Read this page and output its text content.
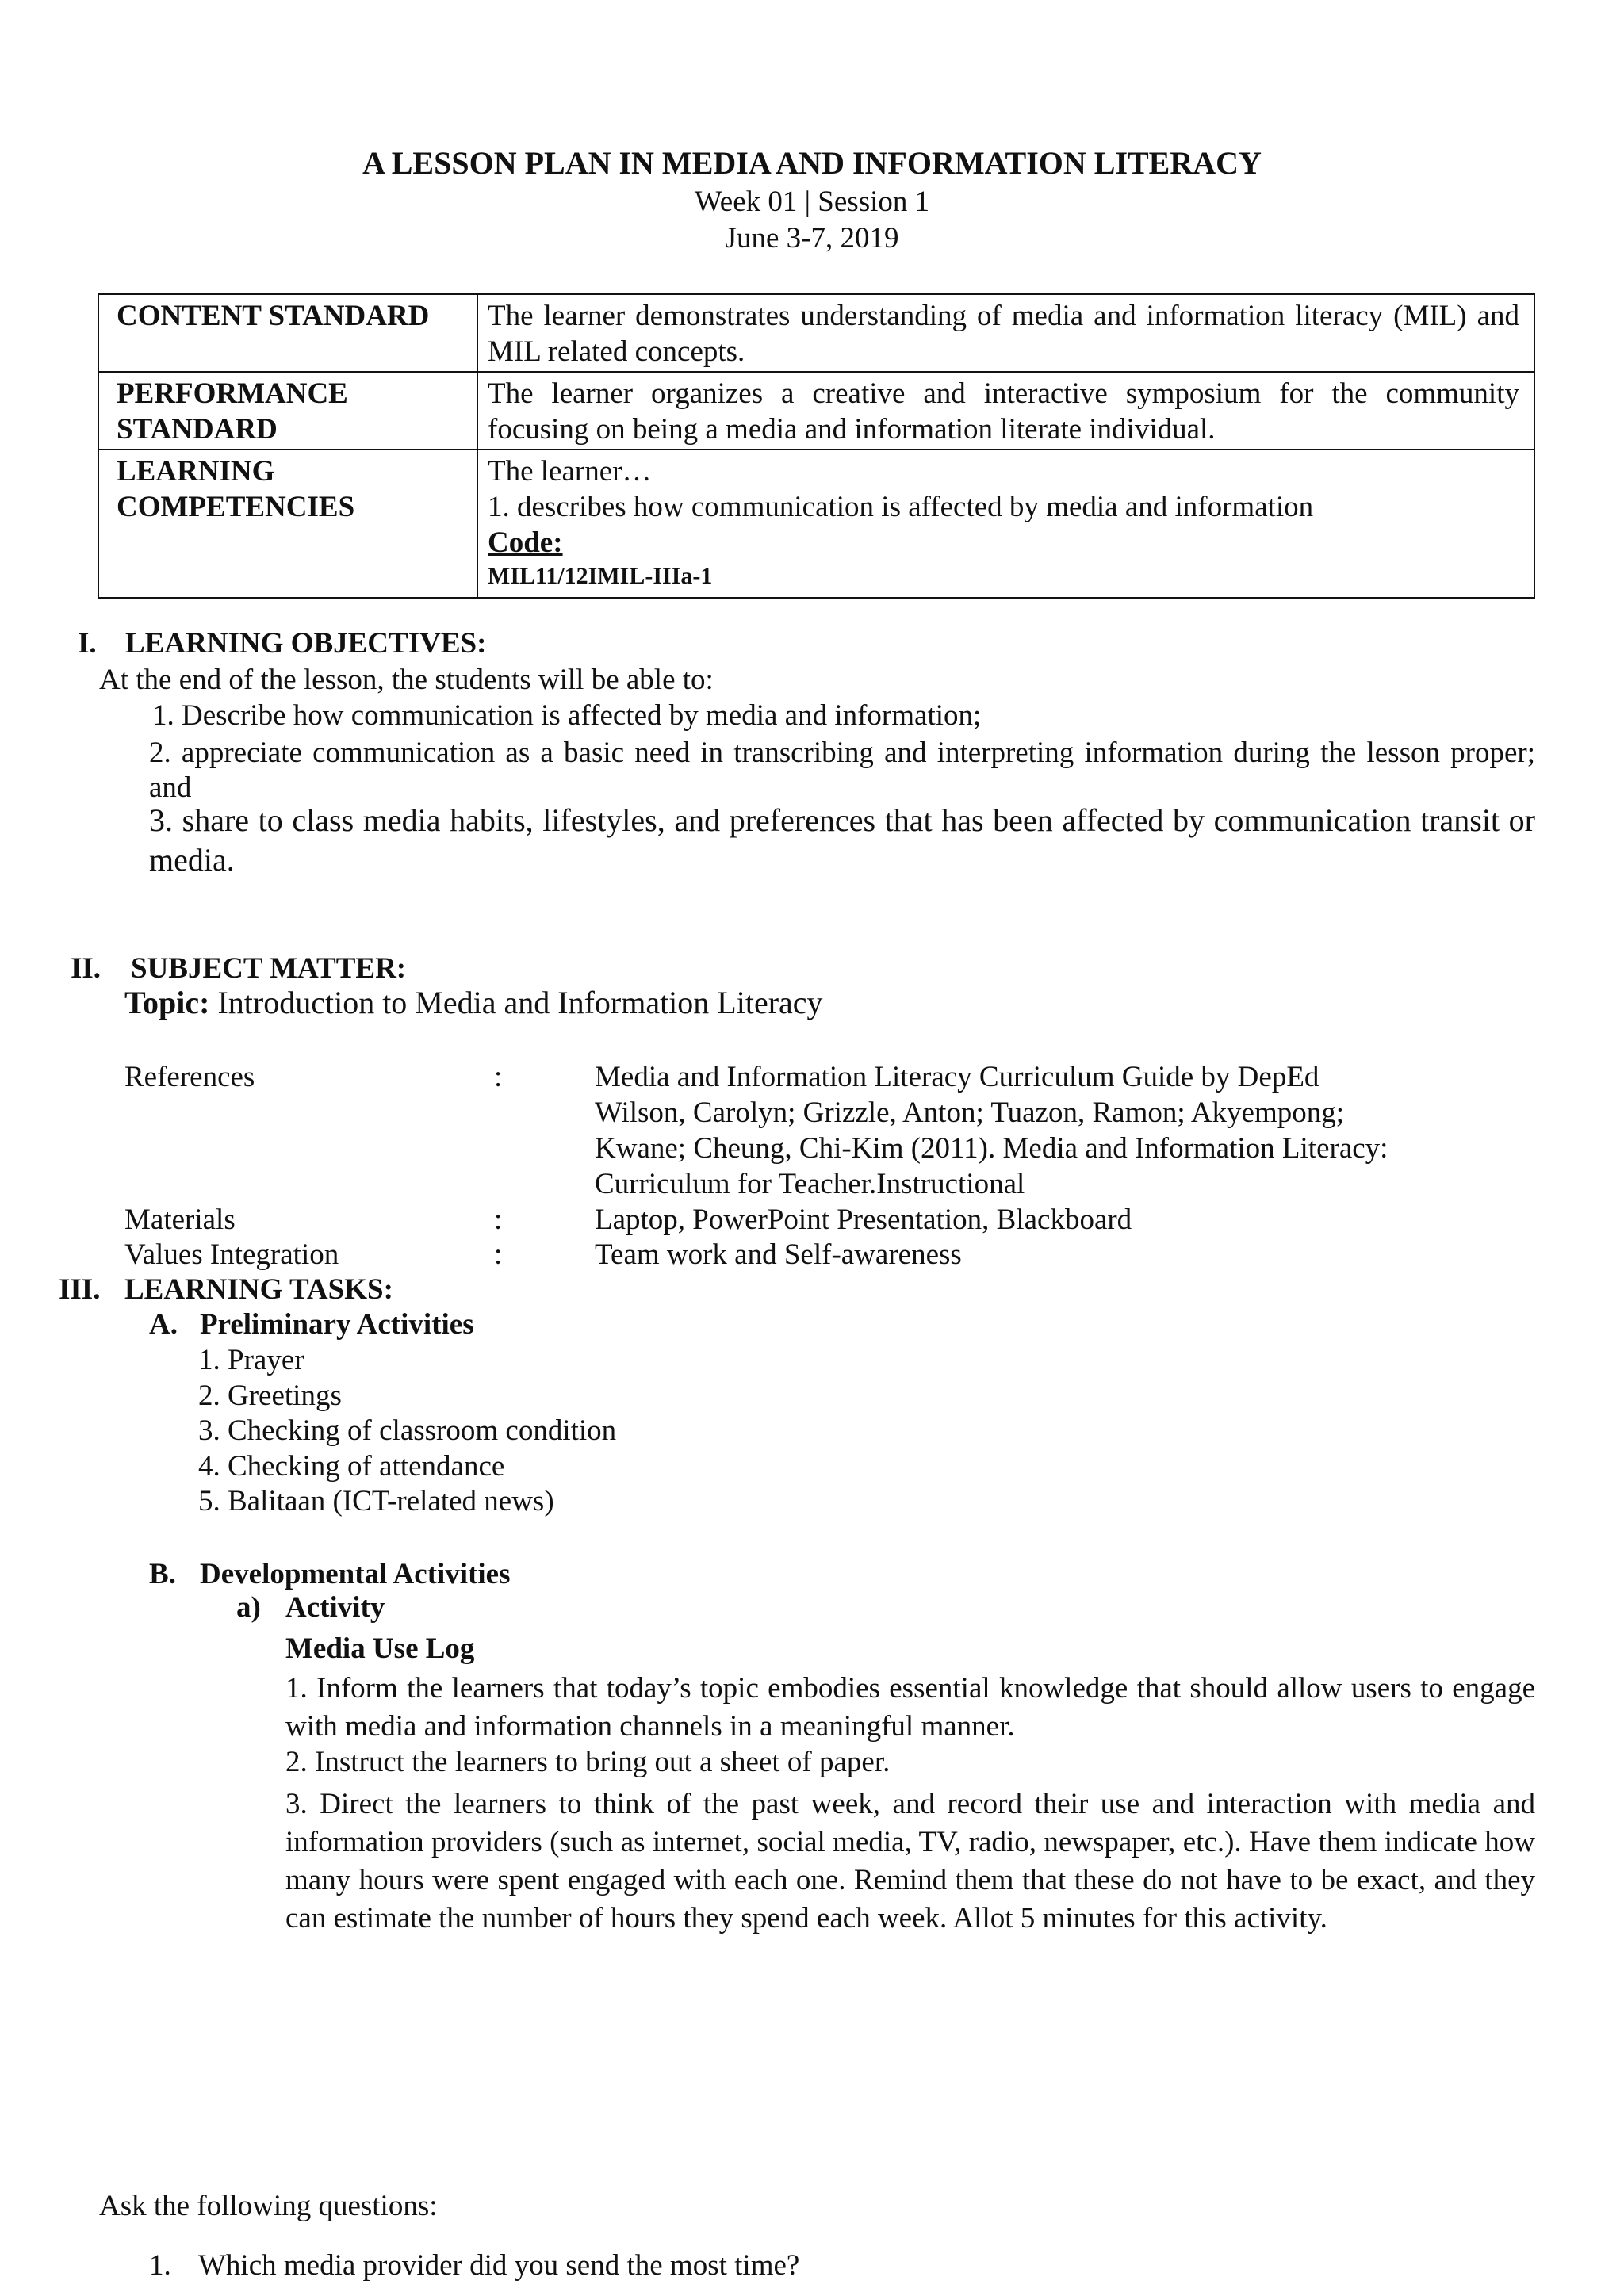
A LESSON PLAN IN MEDIA AND INFORMATION LITERACY
Week 01 | Session 1
June 3-7, 2019
CONTENT STANDARD	The learner demonstrates understanding of media and information literacy (MIL) and MIL related concepts.

PERFORMANCE STANDARD	The learner organizes a creative and interactive symposium for the community focusing on being a media and information literate individual.

LEARNING COMPETENCIES	The learner…
1. describes how communication is affected by media and information
Code:
MIL11/12IMIL-IIIa-1
I. LEARNING OBJECTIVES:
At the end of the lesson, the students will be able to:
1. Describe how communication is affected by media and information;
2. appreciate communication as a basic need in transcribing and interpreting information during the lesson proper; and
3. share to class media habits, lifestyles, and preferences that has been affected by communication transit or media.
II. SUBJECT MATTER:
Topic: Introduction to Media and Information Literacy
References	:	Media and Information Literacy Curriculum Guide by DepEd
Wilson, Carolyn; Grizzle, Anton; Tuazon, Ramon; Akyempong;
Kwane; Cheung, Chi-Kim (2011). Media and Information Literacy:
Curriculum for Teacher.Instructional
Materials	:	Laptop, PowerPoint Presentation, Blackboard
Values Integration	:	Team work and Self-awareness
III. LEARNING TASKS:
A. Preliminary Activities
1. Prayer
2. Greetings
3. Checking of classroom condition
4. Checking of attendance
5. Balitaan (ICT-related news)
B. Developmental Activities
a) Activity
Media Use Log
1. Inform the learners that today’s topic embodies essential knowledge that should allow users to engage with media and information channels in a meaningful manner.
2. Instruct the learners to bring out a sheet of paper.
3. Direct the learners to think of the past week, and record their use and interaction with media and information providers (such as internet, social media, TV, radio, newspaper, etc.). Have them indicate how many hours were spent engaged with each one. Remind them that these do not have to be exact, and they can estimate the number of hours they spend each week. Allot 5 minutes for this activity.
Ask the following questions:
1. Which media provider did you send the most time?
